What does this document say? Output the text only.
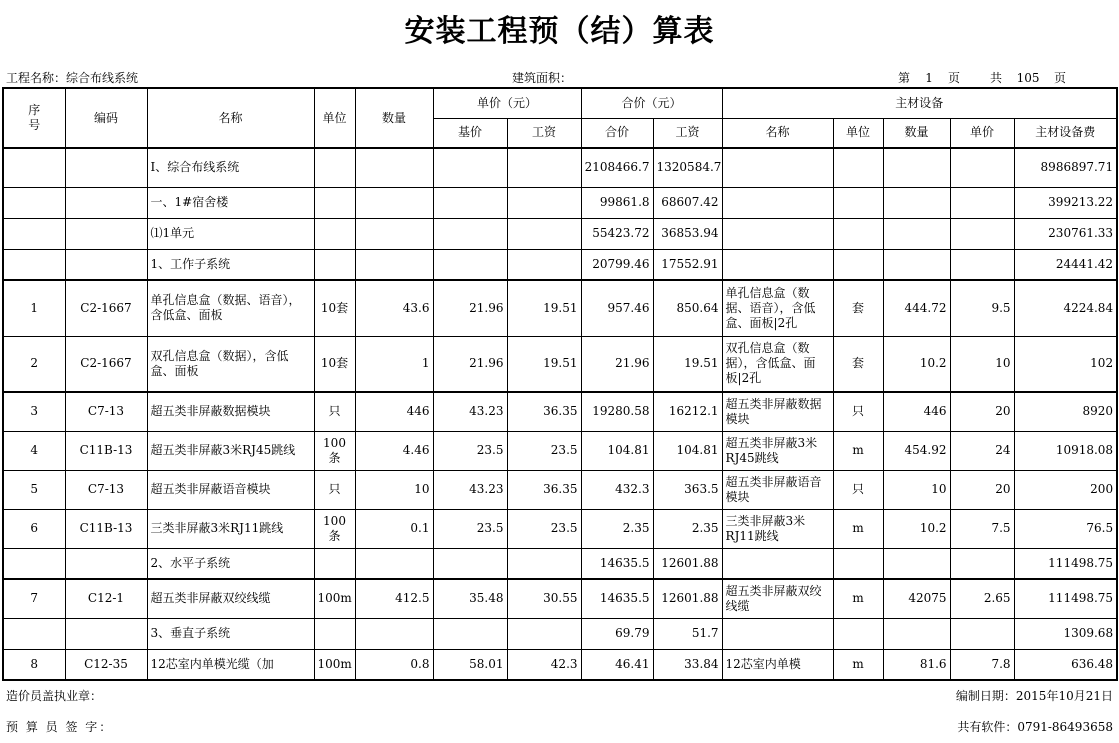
安装工程预（结）算表
工程名称：综合布线系统	建筑面积：	第 1 页	共 105 页
序号	编码	名称	单位	数量	单价（元）		合价（元）		主材设备				
					基价	工资	合价	工资	名称	单位	数量	单价	主材设备费
		Ⅰ、综合布线系统					2108466.7	1320584.7					8986897.71
		一、1#宿舍楼					99861.8	68607.42					399213.22
		⑴1单元					55423.72	36853.94					230761.33
		1、工作子系统					20799.46	17552.91					24441.42
1	C2-1667	单孔信息盒（数据、语音），含低盒、面板	10套	43.6	21.96	19.51	957.46	850.64	单孔信息盒（数据、语音），含低盒、面板|2孔	套	444.72	9.5	4224.84
2	C2-1667	双孔信息盒（数据），含低盒、面板	10套	1	21.96	19.51	21.96	19.51	双孔信息盒（数据），含低盒、面板|2孔	套	10.2	10	102
3	C7-13	超五类非屏蔽数据模块	只	446	43.23	36.35	19280.58	16212.1	超五类非屏蔽数据模块	只	446	20	8920
4	C11B-13	超五类非屏蔽3米RJ45跳线	100条	4.46	23.5	23.5	104.81	104.81	超五类非屏蔽3米RJ45跳线	m	454.92	24	10918.08
5	C7-13	超五类非屏蔽语音模块	只	10	43.23	36.35	432.3	363.5	超五类非屏蔽语音模块	只	10	20	200
6	C11B-13	三类非屏蔽3米RJ11跳线	100条	0.1	23.5	23.5	2.35	2.35	三类非屏蔽3米RJ11跳线	m	10.2	7.5	76.5
		2、水平子系统					14635.5	12601.88					111498.75
7	C12-1	超五类非屏蔽双绞线缆	100m	412.5	35.48	30.55	14635.5	12601.88	超五类非屏蔽双绞线缆	m	42075	2.65	111498.75
		3、垂直子系统					69.79	51.7					1309.68
8	C12-35	12芯室内单模光缆（加	100m	0.8	58.01	42.3	46.41	33.84	12芯室内单模	m	81.6	7.8	636.48
造价员盖执业章：	编制日期：2015年10月21日
预 算 员 签 字：	共有软件：0791-86493658
